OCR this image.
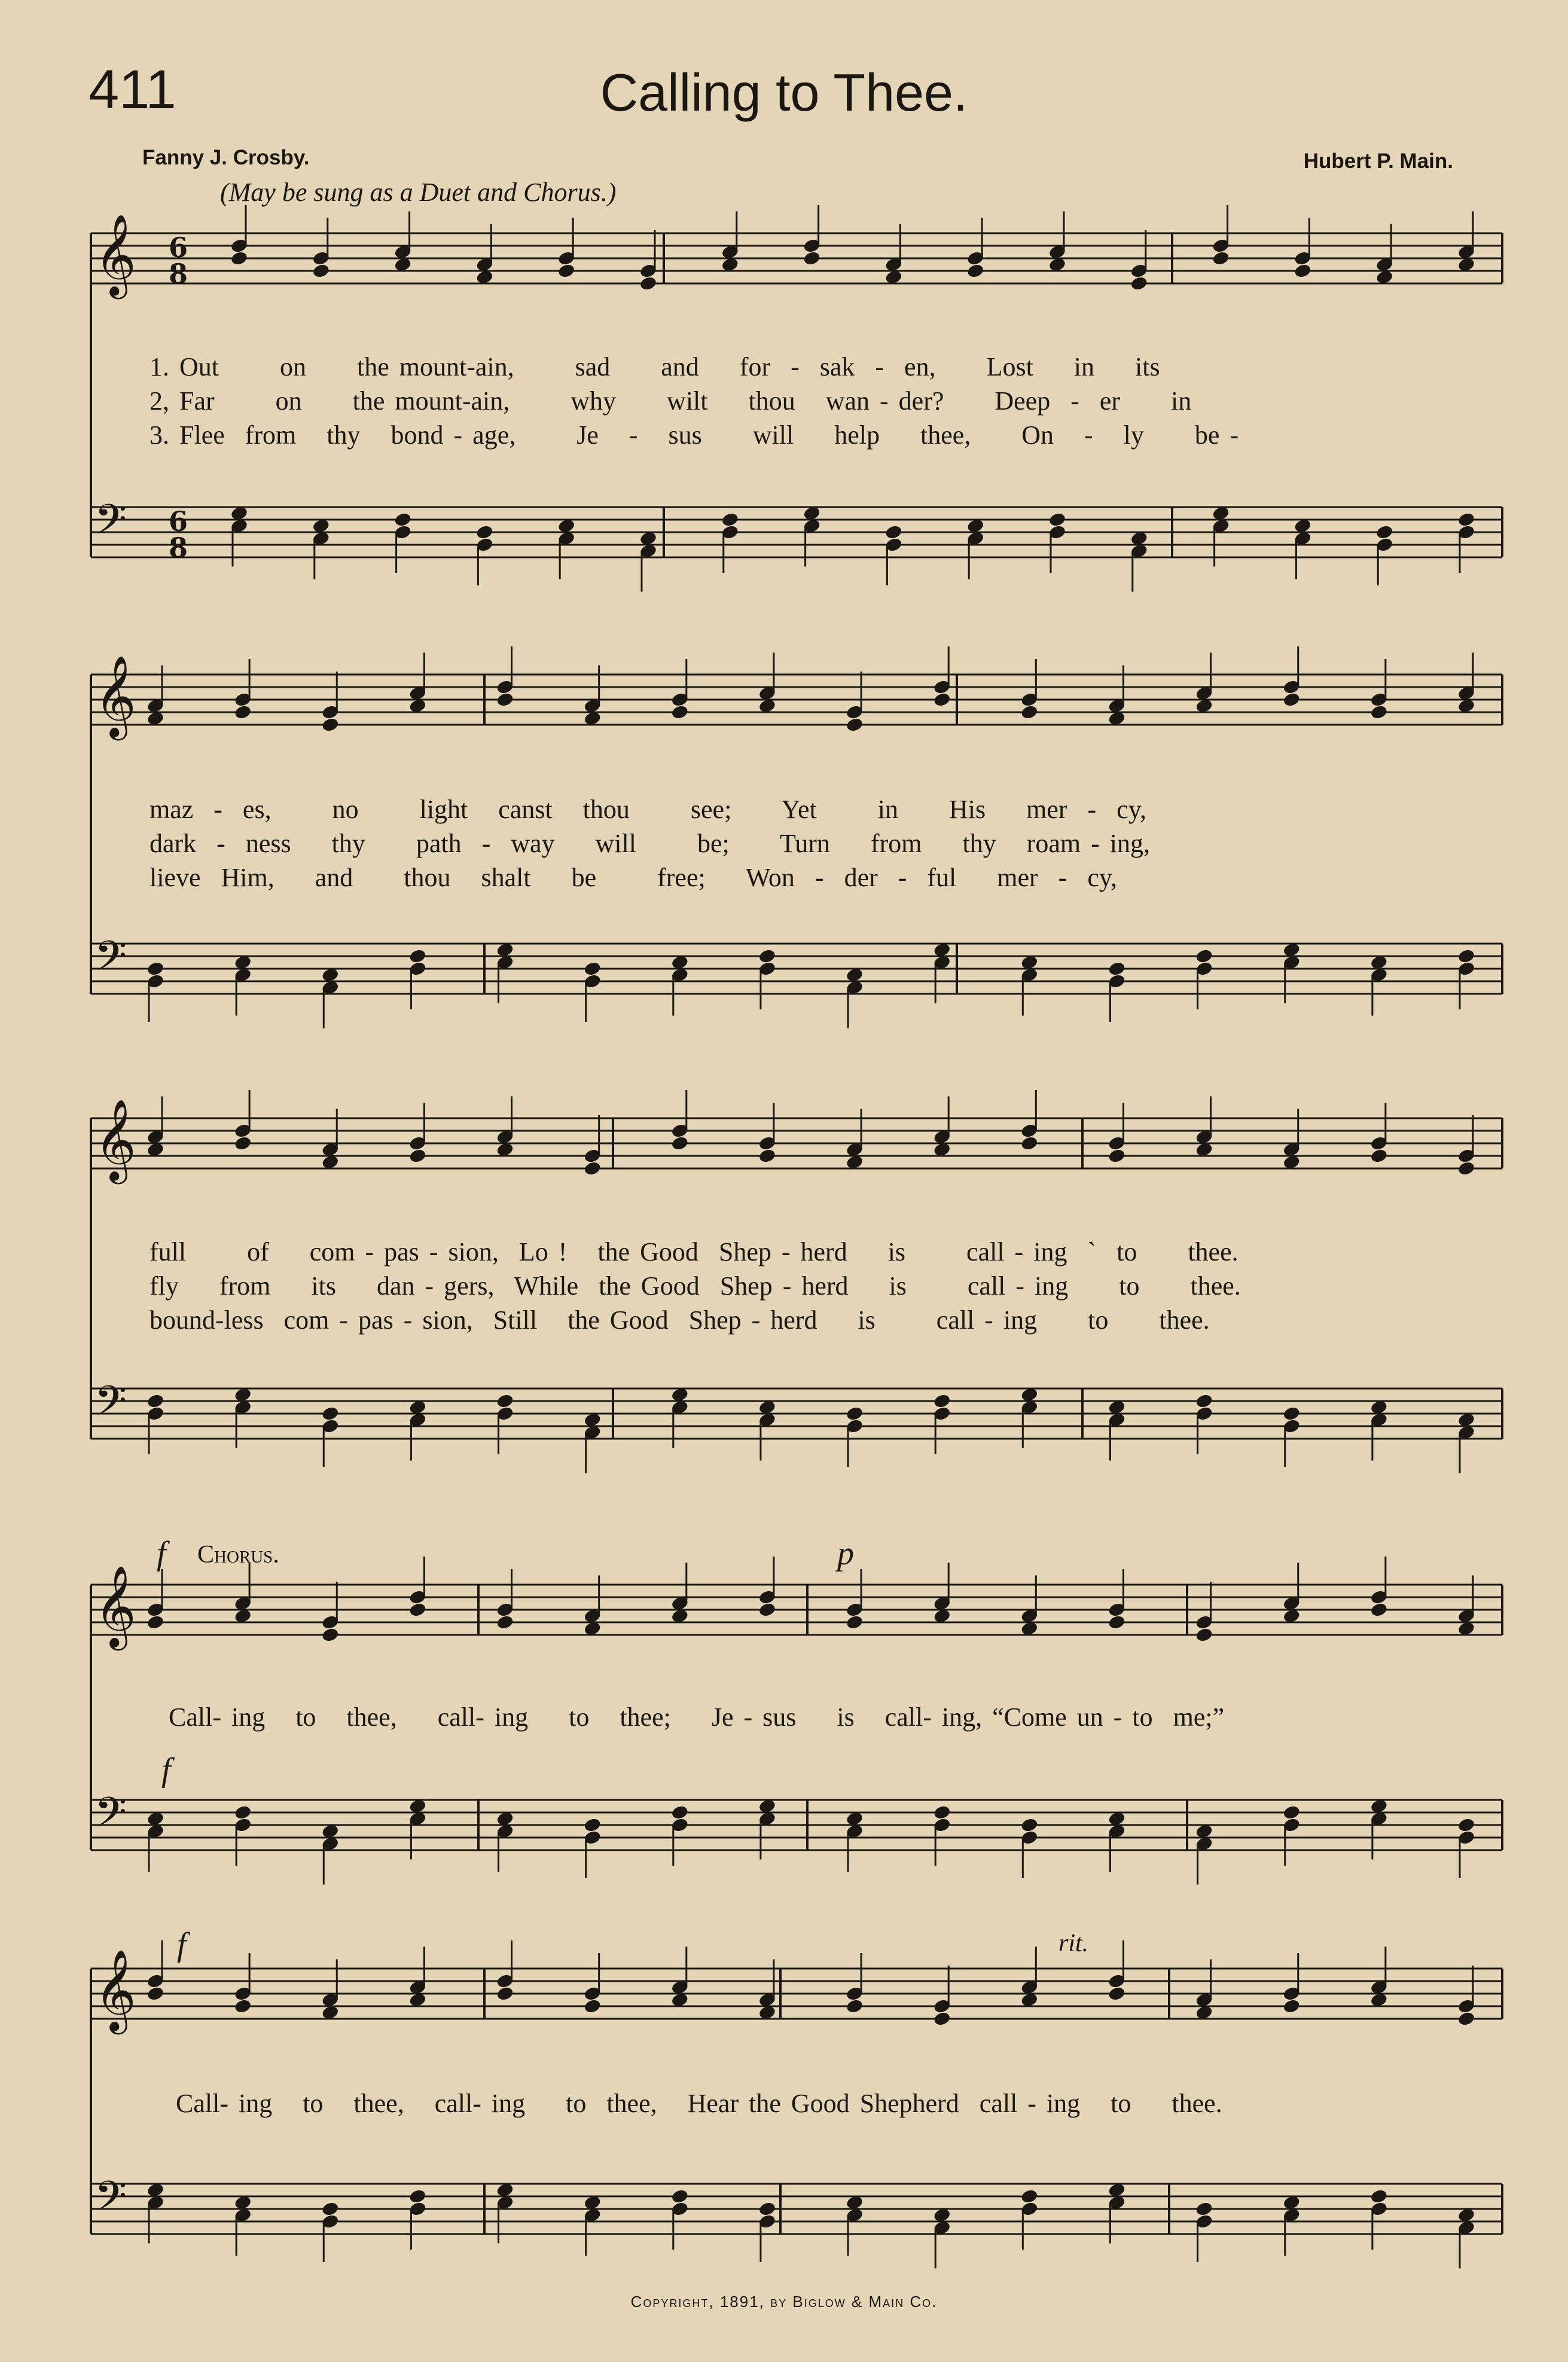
411	Calling to Thee.
Fanny J. Crosby.	Hubert P. Main.
(May be sung as a Duet and Chorus.)
1. Out      on     the mount-ain,      sad     and    for  -  sak  -  en,     Lost    in    its
2, Far      on     the mount-ain,      why     wilt    thou   wan - der?     Deep  -  er     in
3. Flee  from   thy   bond - age,      Je   -   sus     will    help    thee,     On   -   ly     be -
maz  -  es,      no      light   canst   thou      see;     Yet      in     His    mer  -  cy,
dark  -  ness    thy     path  -  way    will      be;     Turn    from    thy   roam - ing,
lieve  Him,    and     thou   shalt    be      free;    Won  -  der  -  ful    mer  -  cy,
full      of    com - pas - sion,  Lo !   the Good  Shep - herd    is      call - ing  `  to     thee.
fly    from    its    dan - gers,  While  the Good  Shep - herd    is      call - ing     to     thee.
bound-less  com - pas - sion,  Still   the Good  Shep - herd    is      call - ing     to     thee.
f Chorus.	p
f
Call- ing   to   thee,    call- ing    to   thee;    Je - sus    is   call- ing, “Come un - to  me;”
f	rit.
Call- ing   to   thee,   call- ing    to  thee,   Hear the Good Shepherd  call - ing   to    thee.
Copyright, 1891, by Biglow & Main Co.
𝄞 6
8
𝄢 6
8
𝄞
𝄢
𝄞
𝄢
𝄞
𝄢
𝄞
𝄢
